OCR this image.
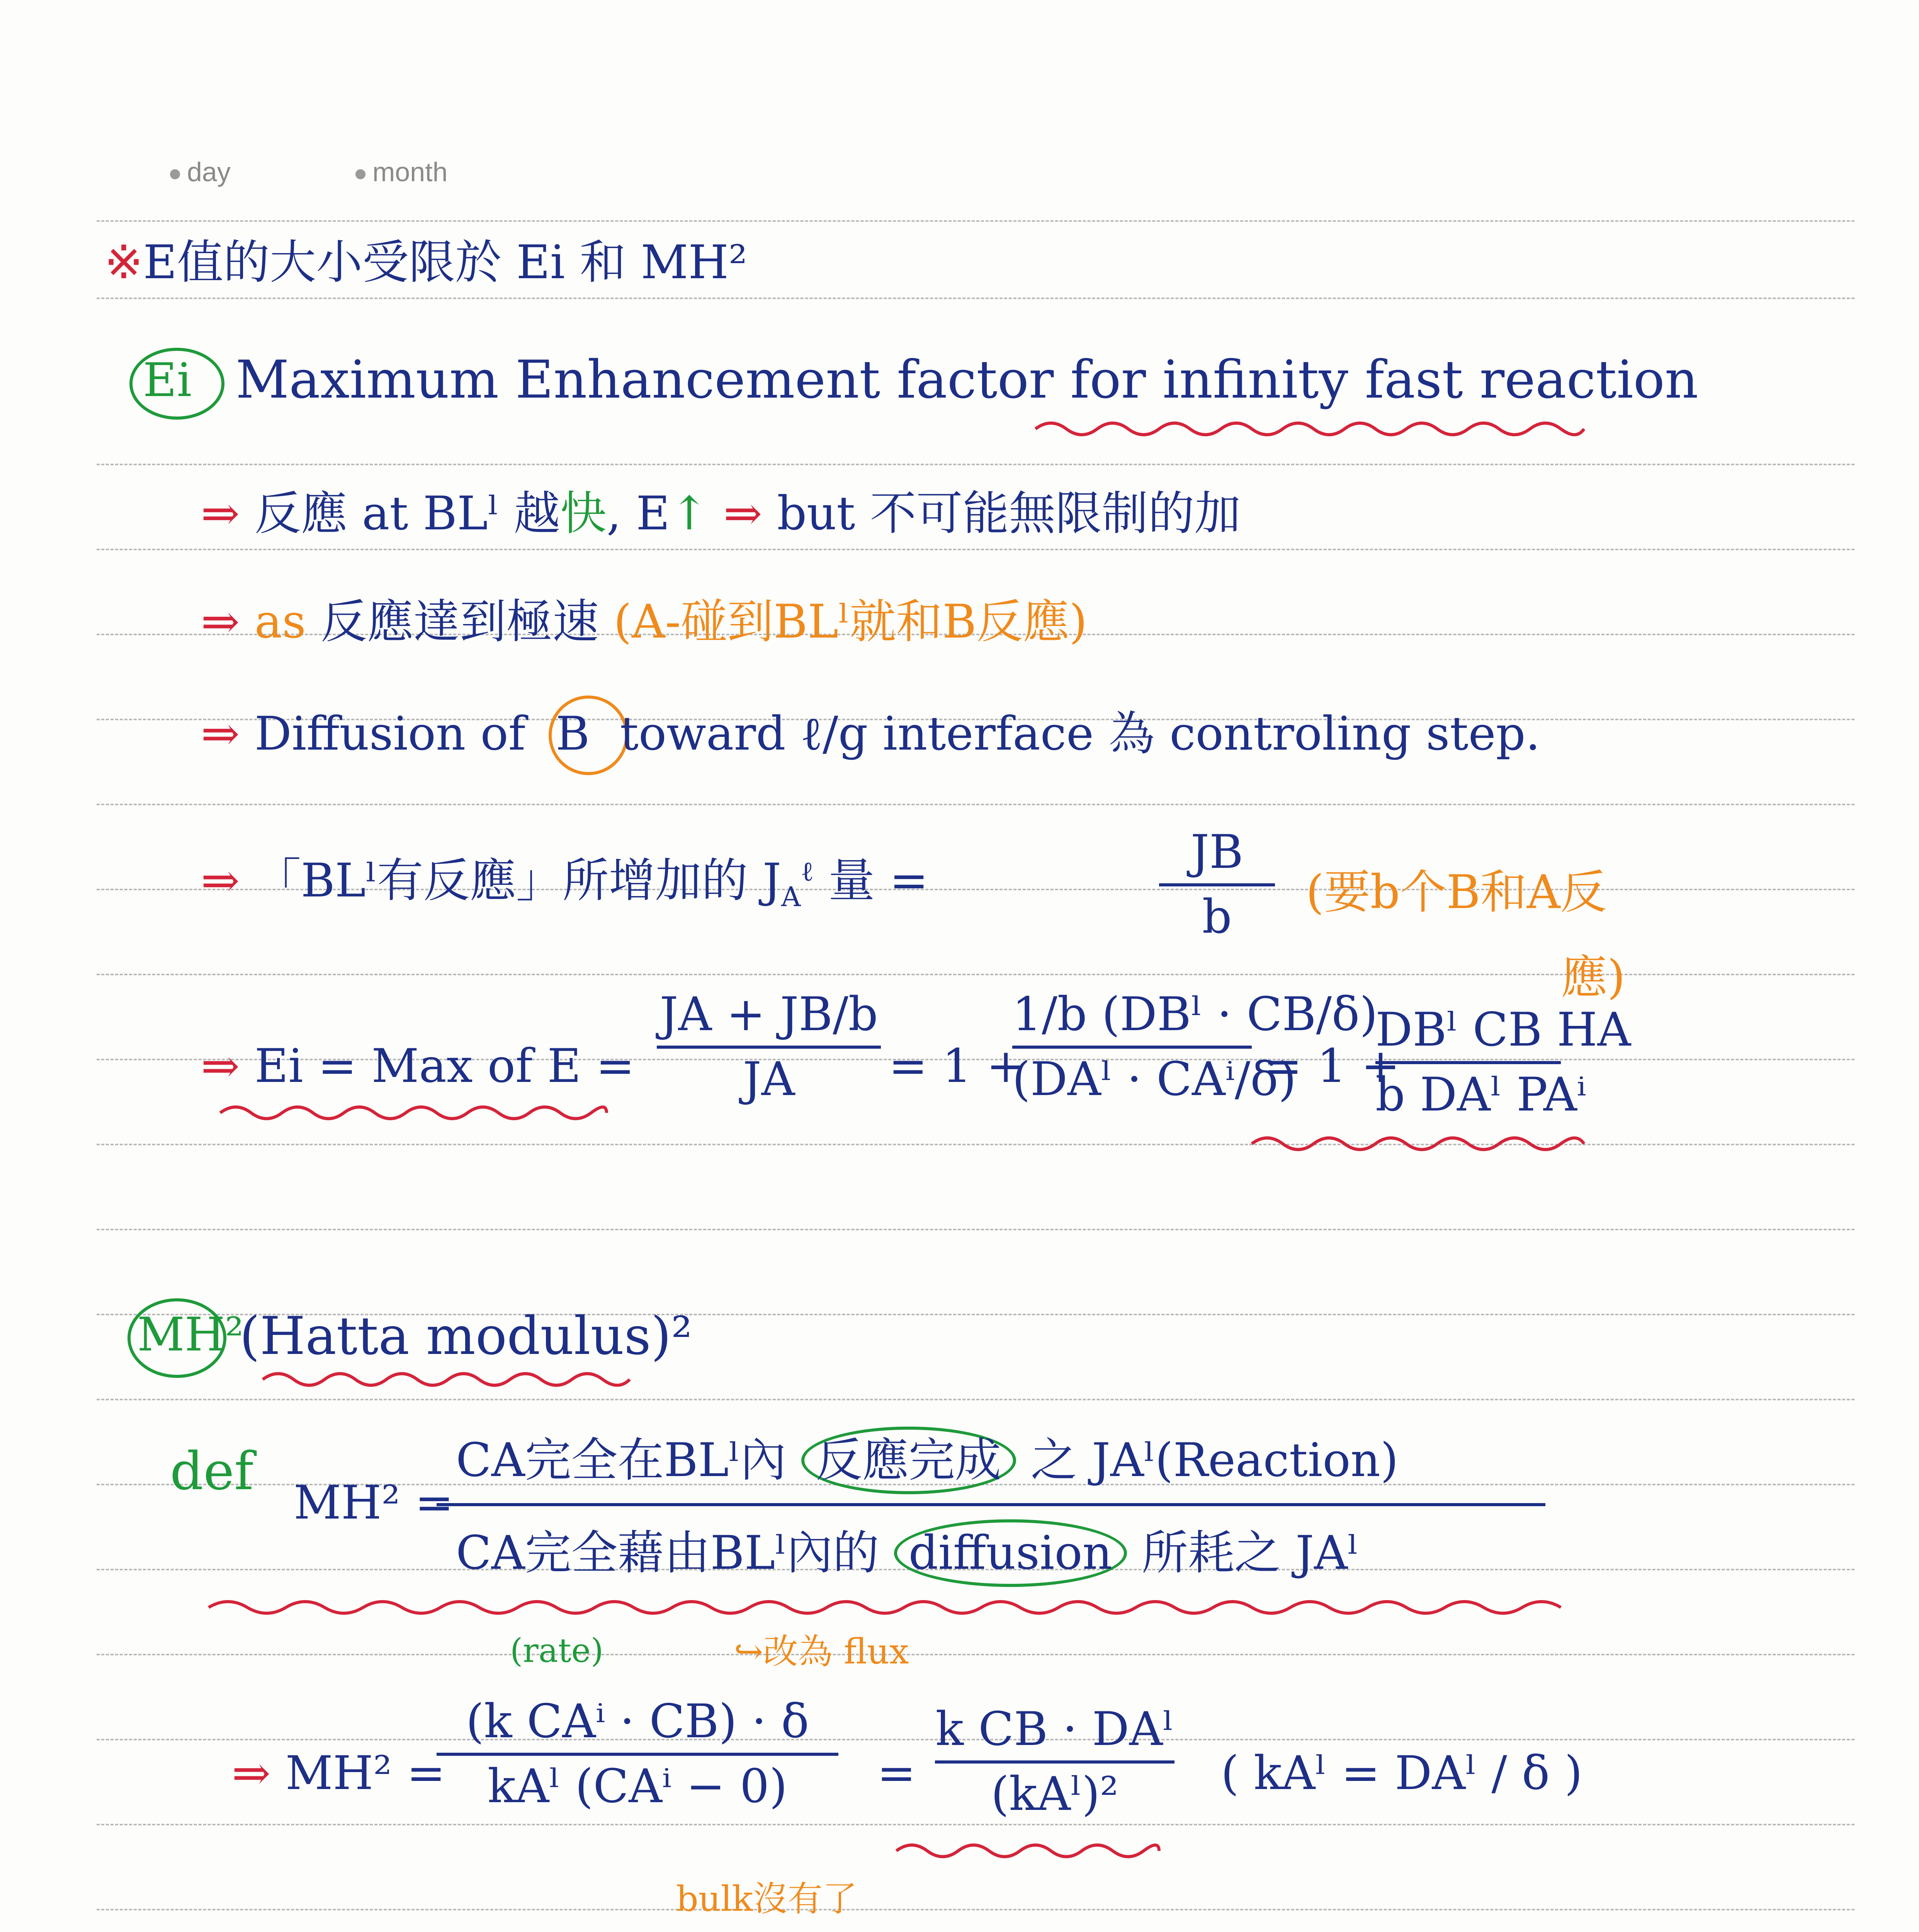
day	month
※E值的大小受限於 Ei 和 MH²
Ei Maximum Enhancement factor for infinity fast reaction
⇒ 反應 at BLˡ 越快, E↑ ⇒ but 不可能無限制的加
⇒ as 反應達到極速 (A-碰到BLˡ就和B反應)
⇒ Diffusion of B toward ℓ/g interface 為 controling step.
⇒ 「BLˡ有反應」所增加的 $J_A^\ell$ 量 =
JB
b	(要b个B和A反
應)
⇒ Ei = Max of E =
JA + JB/b
JA	= 1 +
1/b (DBˡ · CB/δ)
(DAˡ · CAⁱ/δ)
= 1 +
DBˡ CB HA
b DAˡ PAⁱ
MH²
(Hatta modulus)²
def
MH² =
CA完全在BLˡ內 反應完成 之 JAˡ(Reaction)
CA完全藉由BLˡ內的 diffusion 所耗之 JAˡ
(rate)	↪改為 flux
⇒ MH² =
(k CAⁱ · CB) · δ
kAˡ (CAⁱ − 0)	=
k CB · DAˡ
(kAˡ)²	( kAˡ = DAˡ / δ )
bulk沒有了
